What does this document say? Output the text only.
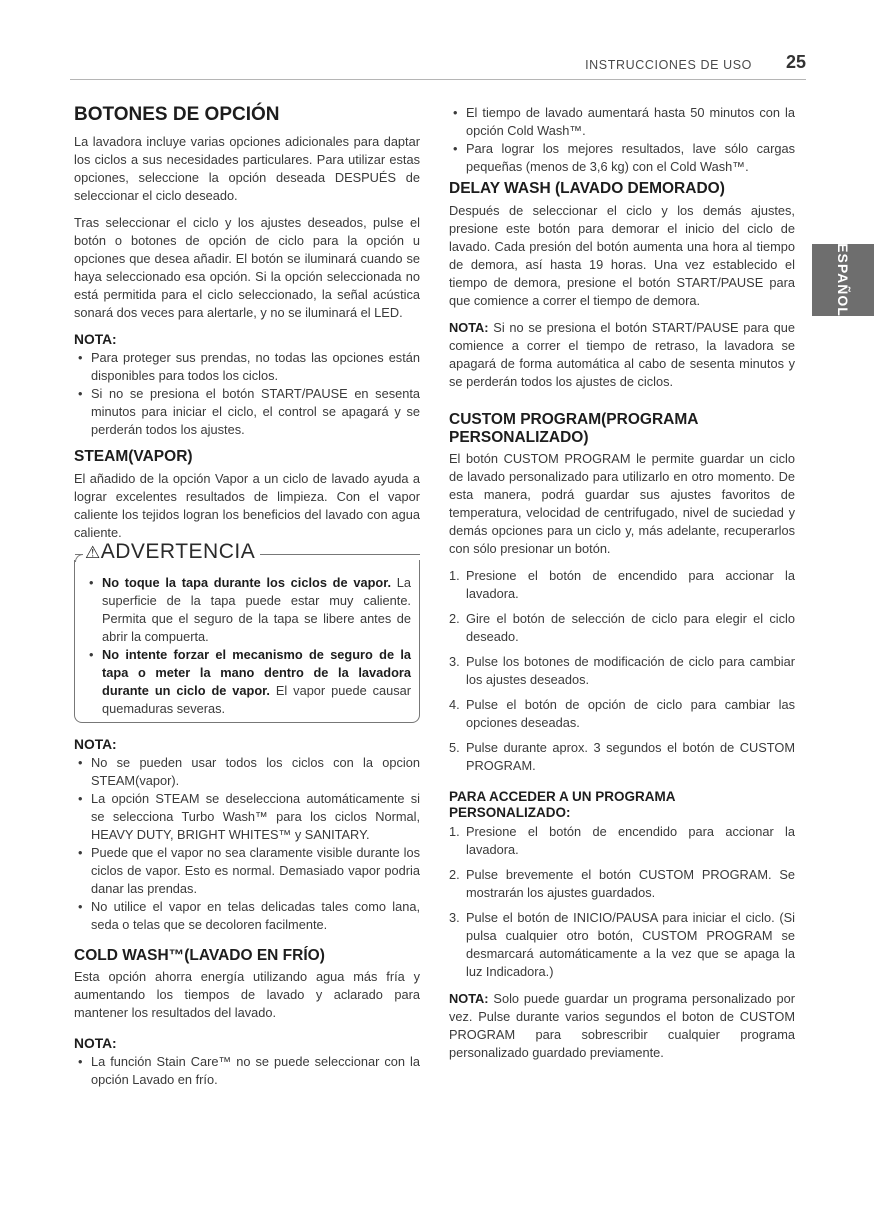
INSTRUCCIONES DE USO 25
ESPAÑOL
BOTONES DE OPCIÓN

La lavadora incluye varias opciones adicionales para daptar los ciclos a sus necesidades particulares. Para utilizar estas opciones, seleccione la opción deseada DESPUÉS de seleccionar el ciclo deseado.

Tras seleccionar el ciclo y los ajustes deseados, pulse el botón o botones de opción de ciclo para la opción u opciones que desea añadir. El botón se iluminará cuando se haya seleccionado esa opción. Si la opción seleccionada no está permitida para el ciclo seleccionado, la señal acústica sonará dos veces para alertarle, y no se iluminará el LED.

NOTA:
• Para proteger sus prendas, no todas las opciones están disponibles para todos los ciclos.
• Si no se presiona el botón START/PAUSE en sesenta minutos para iniciar el ciclo, el control se apagará y se perderán todos los ajustes.
STEAM(VAPOR)

El añadido de la opción Vapor a un ciclo de lavado ayuda a lograr excelentes resultados de limpieza. Con el vapor caliente los tejidos logran los beneficios del lavado con agua caliente.

⚠ADVERTENCIA
• No toque la tapa durante los ciclos de vapor. La superficie de la tapa puede estar muy caliente. Permita que el seguro de la tapa se libere antes de abrir la compuerta.
• No intente forzar el mecanismo de seguro de la tapa o meter la mano dentro de la lavadora durante un ciclo de vapor. El vapor puede causar quemaduras severas.
NOTA:
• No se pueden usar todos los ciclos con la opcion STEAM(vapor).
• La opción STEAM se deselecciona automáticamente si se selecciona Turbo Wash™ para los ciclos Normal, HEAVY DUTY, BRIGHT WHITES™ y SANITARY.
• Puede que el vapor no sea claramente visible durante los ciclos de vapor. Esto es normal. Demasiado vapor podria danar las prendas.
• No utilice el vapor en telas delicadas tales como lana, seda o telas que se decoloren facilmente.
COLD WASH™(LAVADO EN FRÍO)

Esta opción ahorra energía utilizando agua más fría y aumentando los tiempos de lavado y aclarado para mantener los resultados del lavado.

NOTA:
• La función Stain Care™ no se puede seleccionar con la opción Lavado en frío.
• El tiempo de lavado aumentará hasta 50 minutos con la opción Cold Wash™.
• Para lograr los mejores resultados, lave sólo cargas pequeñas (menos de 3,6 kg) con el Cold Wash™.
DELAY WASH (LAVADO DEMORADO)

Después de seleccionar el ciclo y los demás ajustes, presione este botón para demorar el inicio del ciclo de lavado. Cada presión del botón aumenta una hora al tiempo de demora, así hasta 19 horas. Una vez establecido el tiempo de demora, presione el botón START/PAUSE para que comience a correr el tiempo de demora.

NOTA: Si no se presiona el botón START/PAUSE para que comience a correr el tiempo de retraso, la lavadora se apagará de forma automática al cabo de sesenta minutos y se perderán todos los ajustes de ciclos.

CUSTOM PROGRAM(PROGRAMA PERSONALIZADO)

El botón CUSTOM PROGRAM le permite guardar un ciclo de lavado personalizado para utilizarlo en otro momento. De esta manera, podrá guardar sus ajustes favoritos de temperatura, velocidad de centrifugado, nivel de suciedad y demás opciones para un ciclo y, más adelante, recuperarlos con sólo presionar un botón.

1. Presione el botón de encendido para accionar la lavadora.
2. Gire el botón de selección de ciclo para elegir el ciclo deseado.
3. Pulse los botones de modificación de ciclo para cambiar los ajustes deseados.
4. Pulse el botón de opción de ciclo para cambiar las opciones deseadas.
5. Pulse durante aprox. 3 segundos el botón de CUSTOM PROGRAM.
PARA ACCEDER A UN PROGRAMA PERSONALIZADO:
1. Presione el botón de encendido para accionar la lavadora.
2. Pulse brevemente el botón CUSTOM PROGRAM. Se mostrarán los ajustes guardados.
3. Pulse el botón de INICIO/PAUSA para iniciar el ciclo. (Si pulsa cualquier otro botón, CUSTOM PROGRAM se desmarcará automáticamente a la vez que se apaga la luz Indicadora.)

NOTA: Solo puede guardar un programa personalizado por vez. Pulse durante varios segundos el boton de CUSTOM PROGRAM para sobrescribir cualquier programa personalizado guardado previamente.
